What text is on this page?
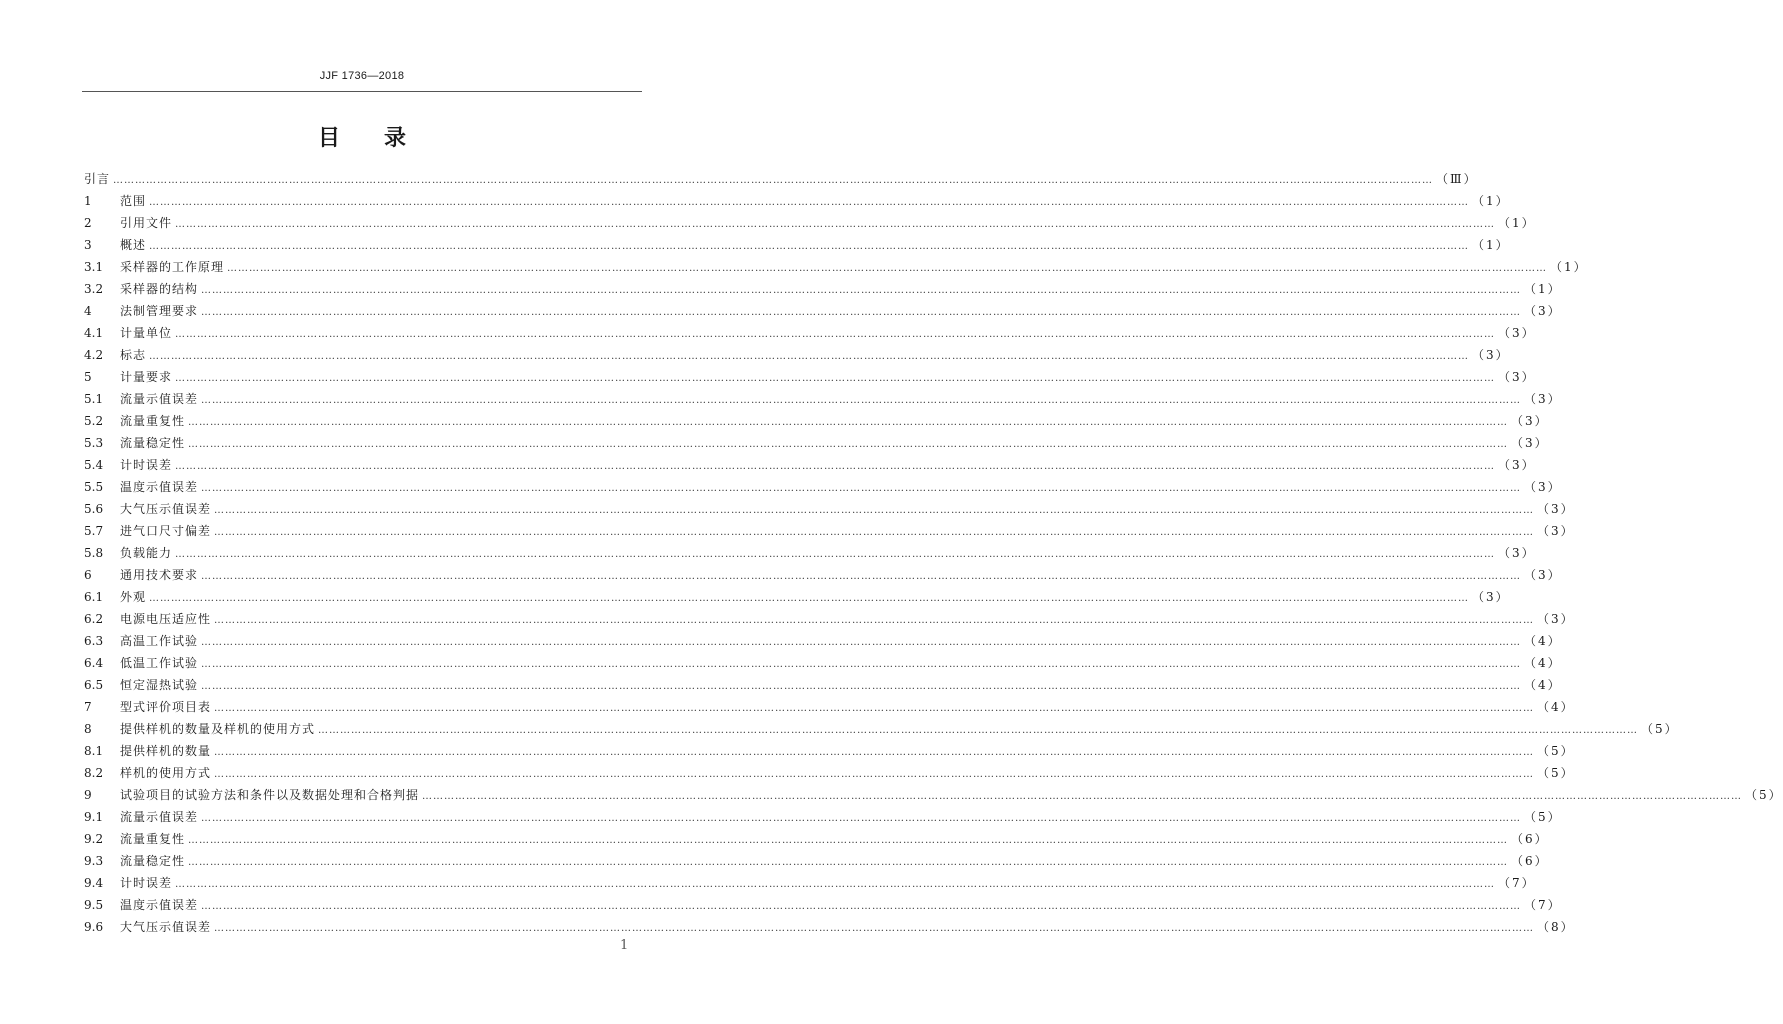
JJF 1736—2018
目 录
引言 ……………………………………………………………………………………………………………………………………………………………………………………………………………………………………………………………………………………………………………………………… （Ⅲ）
1	范围 ……………………………………………………………………………………………………………………………………………………………………………………………………………………………………………………………………………………………………………………………… （1）
2	引用文件 ……………………………………………………………………………………………………………………………………………………………………………………………………………………………………………………………………………………………………………………………… （1）
3	概述 ……………………………………………………………………………………………………………………………………………………………………………………………………………………………………………………………………………………………………………………………… （1）
3.1	采样器的工作原理 ……………………………………………………………………………………………………………………………………………………………………………………………………………………………………………………………………………………………………………………………… （1）
3.2	采样器的结构 ……………………………………………………………………………………………………………………………………………………………………………………………………………………………………………………………………………………………………………………………… （1）
4	法制管理要求 ……………………………………………………………………………………………………………………………………………………………………………………………………………………………………………………………………………………………………………………………… （3）
4.1	计量单位 ……………………………………………………………………………………………………………………………………………………………………………………………………………………………………………………………………………………………………………………………… （3）
4.2	标志 ……………………………………………………………………………………………………………………………………………………………………………………………………………………………………………………………………………………………………………………………… （3）
5	计量要求 ……………………………………………………………………………………………………………………………………………………………………………………………………………………………………………………………………………………………………………………………… （3）
5.1	流量示值误差 ……………………………………………………………………………………………………………………………………………………………………………………………………………………………………………………………………………………………………………………………… （3）
5.2	流量重复性 ……………………………………………………………………………………………………………………………………………………………………………………………………………………………………………………………………………………………………………………………… （3）
5.3	流量稳定性 ……………………………………………………………………………………………………………………………………………………………………………………………………………………………………………………………………………………………………………………………… （3）
5.4	计时误差 ……………………………………………………………………………………………………………………………………………………………………………………………………………………………………………………………………………………………………………………………… （3）
5.5	温度示值误差 ……………………………………………………………………………………………………………………………………………………………………………………………………………………………………………………………………………………………………………………………… （3）
5.6	大气压示值误差 ……………………………………………………………………………………………………………………………………………………………………………………………………………………………………………………………………………………………………………………………… （3）
5.7	进气口尺寸偏差 ……………………………………………………………………………………………………………………………………………………………………………………………………………………………………………………………………………………………………………………………… （3）
5.8	负载能力 ……………………………………………………………………………………………………………………………………………………………………………………………………………………………………………………………………………………………………………………………… （3）
6	通用技术要求 ……………………………………………………………………………………………………………………………………………………………………………………………………………………………………………………………………………………………………………………………… （3）
6.1	外观 ……………………………………………………………………………………………………………………………………………………………………………………………………………………………………………………………………………………………………………………………… （3）
6.2	电源电压适应性 ……………………………………………………………………………………………………………………………………………………………………………………………………………………………………………………………………………………………………………………………… （3）
6.3	高温工作试验 ……………………………………………………………………………………………………………………………………………………………………………………………………………………………………………………………………………………………………………………………… （4）
6.4	低温工作试验 ……………………………………………………………………………………………………………………………………………………………………………………………………………………………………………………………………………………………………………………………… （4）
6.5	恒定湿热试验 ……………………………………………………………………………………………………………………………………………………………………………………………………………………………………………………………………………………………………………………………… （4）
7	型式评价项目表 ……………………………………………………………………………………………………………………………………………………………………………………………………………………………………………………………………………………………………………………………… （4）
8	提供样机的数量及样机的使用方式 ……………………………………………………………………………………………………………………………………………………………………………………………………………………………………………………………………………………………………………………………… （5）
8.1	提供样机的数量 ……………………………………………………………………………………………………………………………………………………………………………………………………………………………………………………………………………………………………………………………… （5）
8.2	样机的使用方式 ……………………………………………………………………………………………………………………………………………………………………………………………………………………………………………………………………………………………………………………………… （5）
9	试验项目的试验方法和条件以及数据处理和合格判据 ……………………………………………………………………………………………………………………………………………………………………………………………………………………………………………………………………………………………………………………………… （5）
9.1	流量示值误差 ……………………………………………………………………………………………………………………………………………………………………………………………………………………………………………………………………………………………………………………………… （5）
9.2	流量重复性 ……………………………………………………………………………………………………………………………………………………………………………………………………………………………………………………………………………………………………………………………… （6）
9.3	流量稳定性 ……………………………………………………………………………………………………………………………………………………………………………………………………………………………………………………………………………………………………………………………… （6）
9.4	计时误差 ……………………………………………………………………………………………………………………………………………………………………………………………………………………………………………………………………………………………………………………………… （7）
9.5	温度示值误差 ……………………………………………………………………………………………………………………………………………………………………………………………………………………………………………………………………………………………………………………………… （7）
9.6	大气压示值误差 ……………………………………………………………………………………………………………………………………………………………………………………………………………………………………………………………………………………………………………………………… （8）
1
